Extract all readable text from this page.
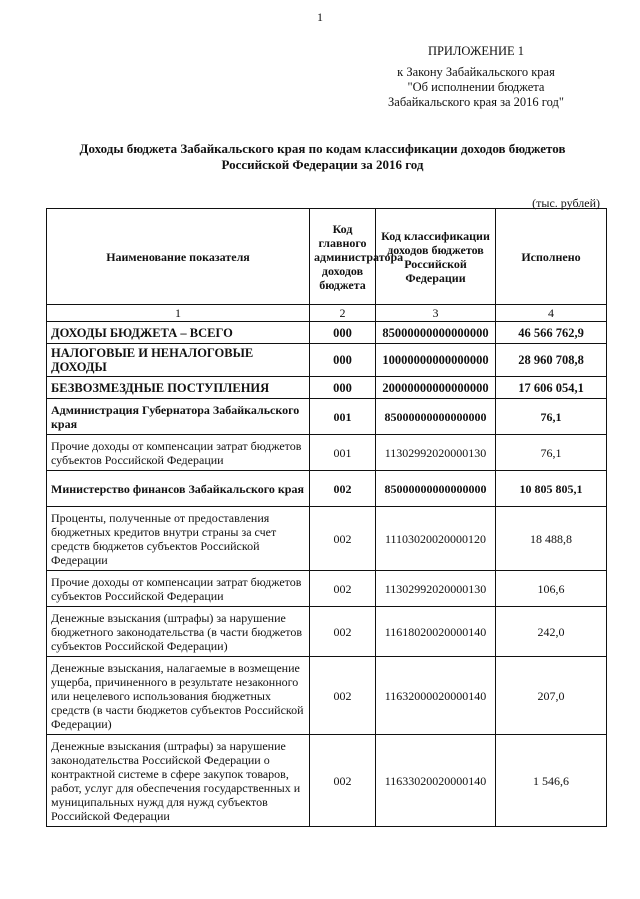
1
ПРИЛОЖЕНИЕ 1
к Закону Забайкальского края
"Об исполнении бюджета
Забайкальского края за 2016 год"
Доходы бюджета Забайкальского края по кодам классификации доходов бюджетов
Российской Федерации за 2016 год
(тыс. рублей)
Наименование показателя	Код главного администратора доходов бюджета	Код классификации доходов бюджетов Российской Федерации	Исполнено
1	2	3	4
ДОХОДЫ БЮДЖЕТА – ВСЕГО	000	85000000000000000	46 566 762,9
НАЛОГОВЫЕ И НЕНАЛОГОВЫЕ ДОХОДЫ	000	10000000000000000	28 960 708,8
БЕЗВОЗМЕЗДНЫЕ ПОСТУПЛЕНИЯ	000	20000000000000000	17 606 054,1
Администрация Губернатора Забайкальского края	001	85000000000000000	76,1
Прочие доходы от компенсации затрат бюджетов субъектов Российской Федерации	001	11302992020000130	76,1
Министерство финансов Забайкальского края	002	85000000000000000	10 805 805,1
Проценты, полученные от предоставления бюджетных кредитов внутри страны за счет средств бюджетов субъектов Российской Федерации	002	11103020020000120	18 488,8
Прочие доходы от компенсации затрат бюджетов субъектов Российской Федерации	002	11302992020000130	106,6
Денежные взыскания (штрафы) за нарушение бюджетного законодательства (в части бюджетов субъектов Российской Федерации)	002	11618020020000140	242,0
Денежные взыскания, налагаемые в возмещение ущерба, причиненного в результате незаконного или нецелевого использования бюджетных средств (в части бюджетов субъектов Российской Федерации)	002	11632000020000140	207,0
Денежные взыскания (штрафы) за нарушение законодательства Российской Федерации о контрактной системе в сфере закупок товаров, работ, услуг для обеспечения государственных и муниципальных нужд для нужд субъектов Российской Федерации	002	11633020020000140	1 546,6
